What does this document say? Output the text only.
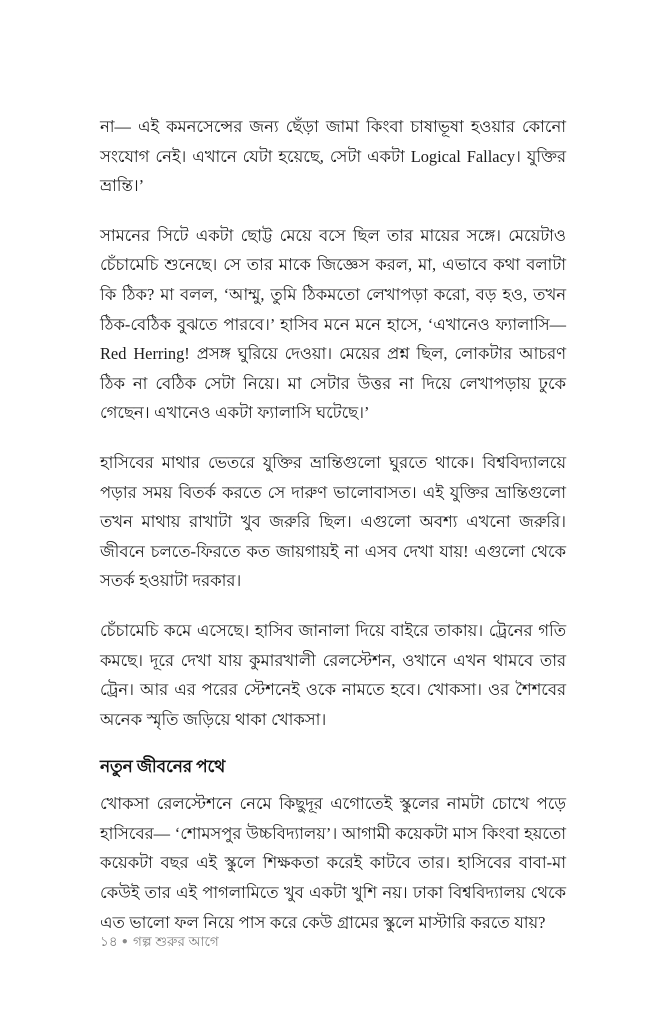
না— এই কমনসেন্সের জন্য ছেঁড়া জামা কিংবা চাষাভূষা হওয়ার কোনো সংযোগ নেই। এখানে যেটা হয়েছে, সেটা একটা Logical Fallacy। যুক্তির ভ্রান্তি।’

সামনের সিটে একটা ছোট্ট মেয়ে বসে ছিল তার মায়ের সঙ্গে। মেয়েটাও চেঁচামেচি শুনেছে। সে তার মাকে জিজ্ঞেস করল, মা, এভাবে কথা বলাটা কি ঠিক? মা বলল, ‘আম্মু, তুমি ঠিকমতো লেখাপড়া করো, বড় হও, তখন ঠিক-বেঠিক বুঝতে পারবে।’ হাসিব মনে মনে হাসে, ‘এখানেও ফ্যালাসি— Red Herring! প্রসঙ্গ ঘুরিয়ে দেওয়া। মেয়ের প্রশ্ন ছিল, লোকটার আচরণ ঠিক না বেঠিক সেটা নিয়ে। মা সেটার উত্তর না দিয়ে লেখাপড়ায় ঢুকে গেছেন। এখানেও একটা ফ্যালাসি ঘটেছে।’

হাসিবের মাথার ভেতরে যুক্তির ভ্রান্তিগুলো ঘুরতে থাকে। বিশ্ববিদ্যালয়ে পড়ার সময় বিতর্ক করতে সে দারুণ ভালোবাসত। এই যুক্তির ভ্রান্তিগুলো তখন মাথায় রাখাটা খুব জরুরি ছিল। এগুলো অবশ্য এখনো জরুরি। জীবনে চলতে-ফিরতে কত জায়গায়ই না এসব দেখা যায়! এগুলো থেকে সতর্ক হওয়াটা দরকার।

চেঁচামেচি কমে এসেছে। হাসিব জানালা দিয়ে বাইরে তাকায়। ট্রেনের গতি কমছে। দূরে দেখা যায় কুমারখালী রেলস্টেশন, ওখানে এখন থামবে তার ট্রেন। আর এর পরের স্টেশনেই ওকে নামতে হবে। খোকসা। ওর শৈশবের অনেক স্মৃতি জড়িয়ে থাকা খোকসা।

নতুন জীবনের পথে

খোকসা রেলস্টেশনে নেমে কিছুদূর এগোতেই স্কুলের নামটা চোখে পড়ে হাসিবের— ‘শোমসপুর উচ্চবিদ্যালয়’। আগামী কয়েকটা মাস কিংবা হয়তো কয়েকটা বছর এই স্কুলে শিক্ষকতা করেই কাটবে তার। হাসিবের বাবা-মা কেউই তার এই পাগলামিতে খুব একটা খুশি নয়। ঢাকা বিশ্ববিদ্যালয় থেকে এত ভালো ফল নিয়ে পাস করে কেউ গ্রামের স্কুলে মাস্টারি করতে যায়?

১৪ ● গল্প শুরুর আগে
